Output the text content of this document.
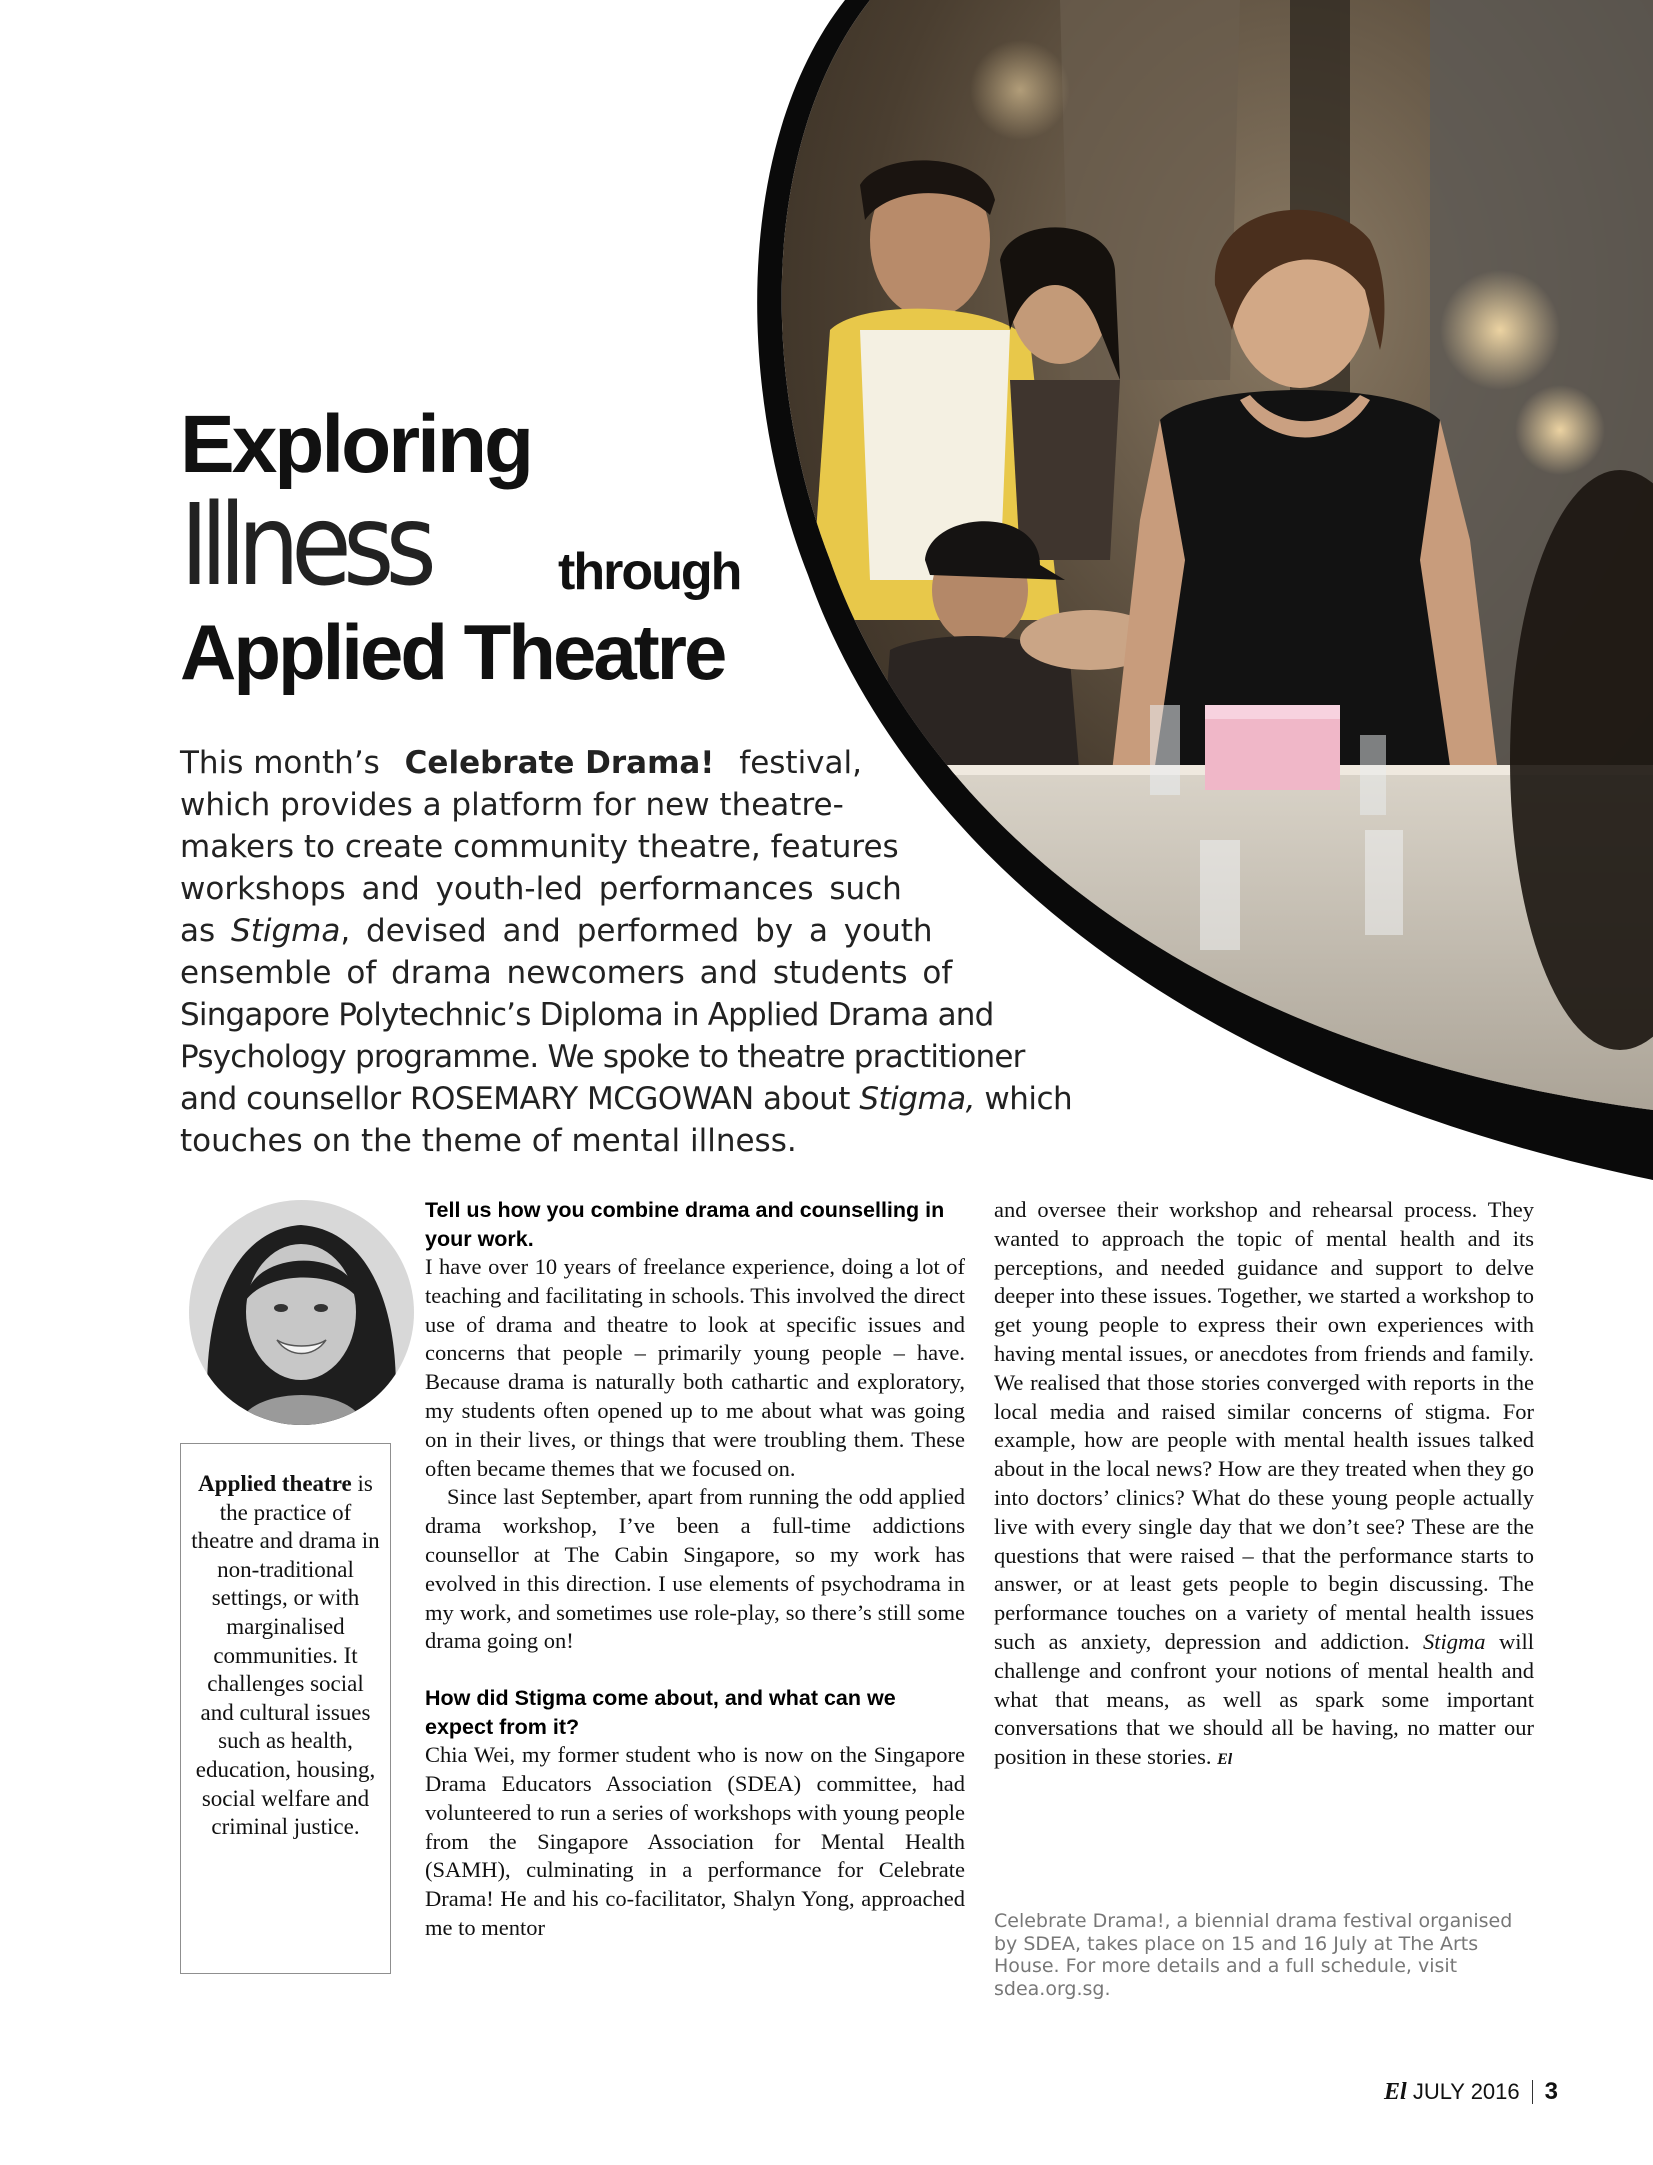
Exploring
Illness	through
Applied Theatre
This month’s Celebrate Drama! festival,
which provides a platform for new theatre-
makers to create community theatre, features
workshops and youth-led performances such
as Stigma, devised and performed by a youth
ensemble of drama newcomers and students of
Singapore Polytechnic’s Diploma in Applied Drama and
Psychology programme. We spoke to theatre practitioner
and counsellor ROSEMARY MCGOWAN about Stigma, which
touches on the theme of mental illness.

Applied theatre is the practice of theatre and drama in non-traditional settings, or with marginalised communities. It challenges social and cultural issues such as health, education, housing, social welfare and criminal justice.

Tell us how you combine drama and counselling in your work.

I have over 10 years of freelance experience, doing a lot of teaching and facilitating in schools. This involved the direct use of drama and theatre to look at specific issues and concerns that people – primarily young people – have. Because drama is naturally both cathartic and exploratory, my students often opened up to me about what was going on in their lives, or things that were troubling them. These often became themes that we focused on.

Since last September, apart from running the odd applied drama workshop, I’ve been a full-time addictions counsellor at The Cabin Singapore, so my work has evolved in this direction. I use elements of psychodrama in my work, and sometimes use role-play, so there’s still some drama going on!

How did Stigma come about, and what can we expect from it?

Chia Wei, my former student who is now on the Singapore Drama Educators Association (SDEA) committee, had volunteered to run a series of workshops with young people from the Singapore Association for Mental Health (SAMH), culminating in a performance for Celebrate Drama! He and his co-facilitator, Shalyn Yong, approached me to mentor

and oversee their workshop and rehearsal process. They wanted to approach the topic of mental health and its perceptions, and needed guidance and support to delve deeper into these issues. Together, we started a workshop to get young people to express their own experiences with having mental issues, or anecdotes from friends and family. We realised that those stories converged with reports in the local media and raised similar concerns of stigma. For example, how are people with mental health issues talked about in the local news? How are they treated when they go into doctors’ clinics? What do these young people actually live with every single day that we don’t see? These are the questions that were raised – that the performance starts to answer, or at least gets people to begin discussing. The performance touches on a variety of mental health issues such as anxiety, depression and addiction. Stigma will challenge and confront your notions of mental health and what that means, as well as spark some important conversations that we should all be having, no matter our position in these stories. El

Celebrate Drama!, a biennial drama festival organised by SDEA, takes place on 15 and 16 July at The Arts House. For more details and a full schedule, visit sdea.org.sg.
El JULY 2016 3
